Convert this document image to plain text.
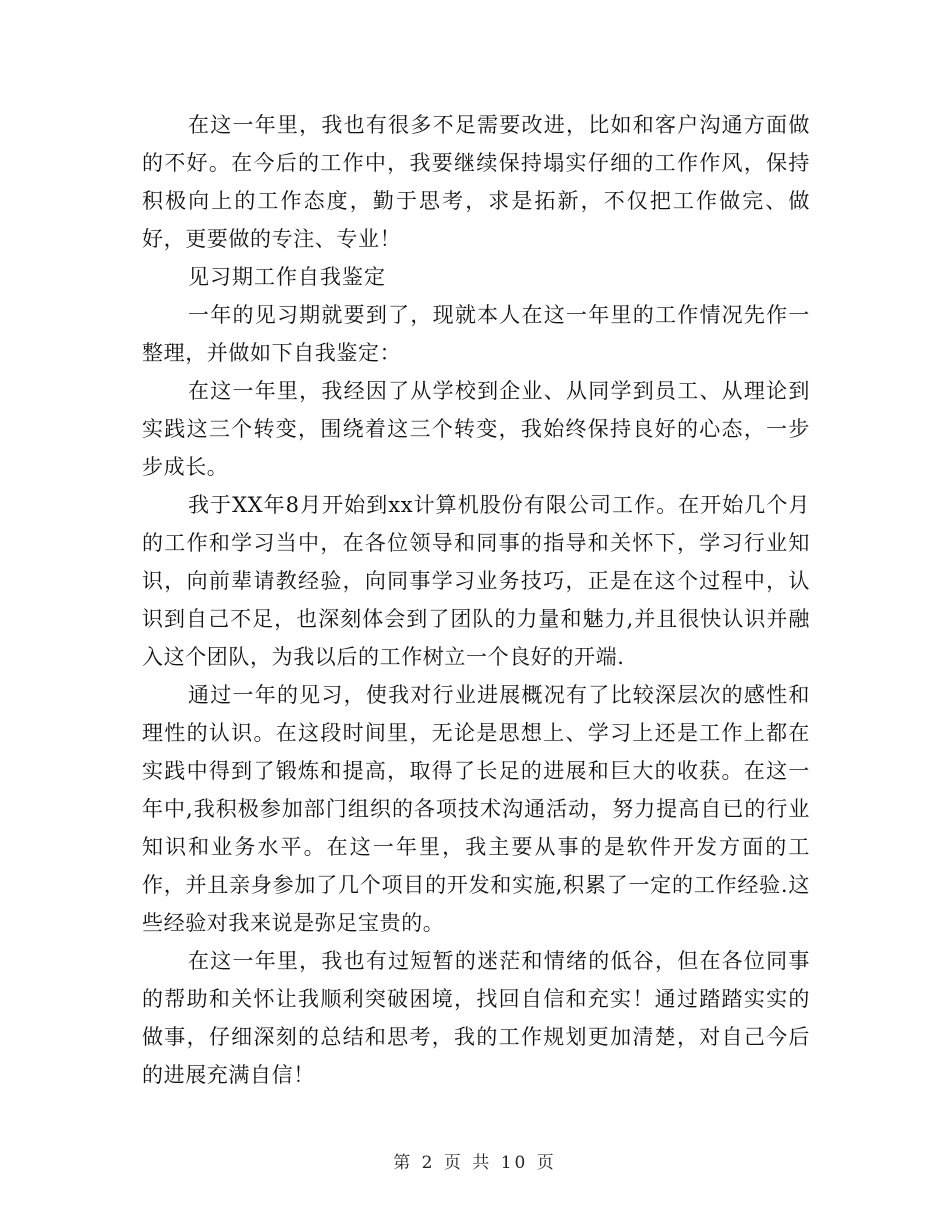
在这一年里，我也有很多不足需要改进，比如和客户沟通方面做的不好。在今后的工作中，我要继续保持塌实仔细的工作作风，保持积极向上的工作态度，勤于思考，求是拓新，不仅把工作做完、做好，更要做的专注、专业！

见习期工作自我鉴定

一年的见习期就要到了，现就本人在这一年里的工作情况先作一整理，并做如下自我鉴定：

在这一年里，我经因了从学校到企业、从同学到员工、从理论到实践这三个转变，围绕着这三个转变，我始终保持良好的心态，一步步成长。

我于XX年8月开始到xx计算机股份有限公司工作。在开始几个月的工作和学习当中，在各位领导和同事的指导和关怀下，学习行业知识，向前辈请教经验，向同事学习业务技巧，正是在这个过程中，认识到自己不足，也深刻体会到了团队的力量和魅力,并且很快认识并融入这个团队，为我以后的工作树立一个良好的开端.

通过一年的见习，使我对行业进展概况有了比较深层次的感性和理性的认识。在这段时间里，无论是思想上、学习上还是工作上都在实践中得到了锻炼和提高，取得了长足的进展和巨大的收获。在这一年中,我积极参加部门组织的各项技术沟通活动，努力提高自已的行业知识和业务水平。在这一年里，我主要从事的是软件开发方面的工作，并且亲身参加了几个项目的开发和实施,积累了一定的工作经验.这些经验对我来说是弥足宝贵的。

在这一年里，我也有过短暂的迷茫和情绪的低谷，但在各位同事的帮助和关怀让我顺利突破困境，找回自信和充实！通过踏踏实实的做事，仔细深刻的总结和思考，我的工作规划更加清楚，对自己今后的进展充满自信！

第 2 页 共 10 页
